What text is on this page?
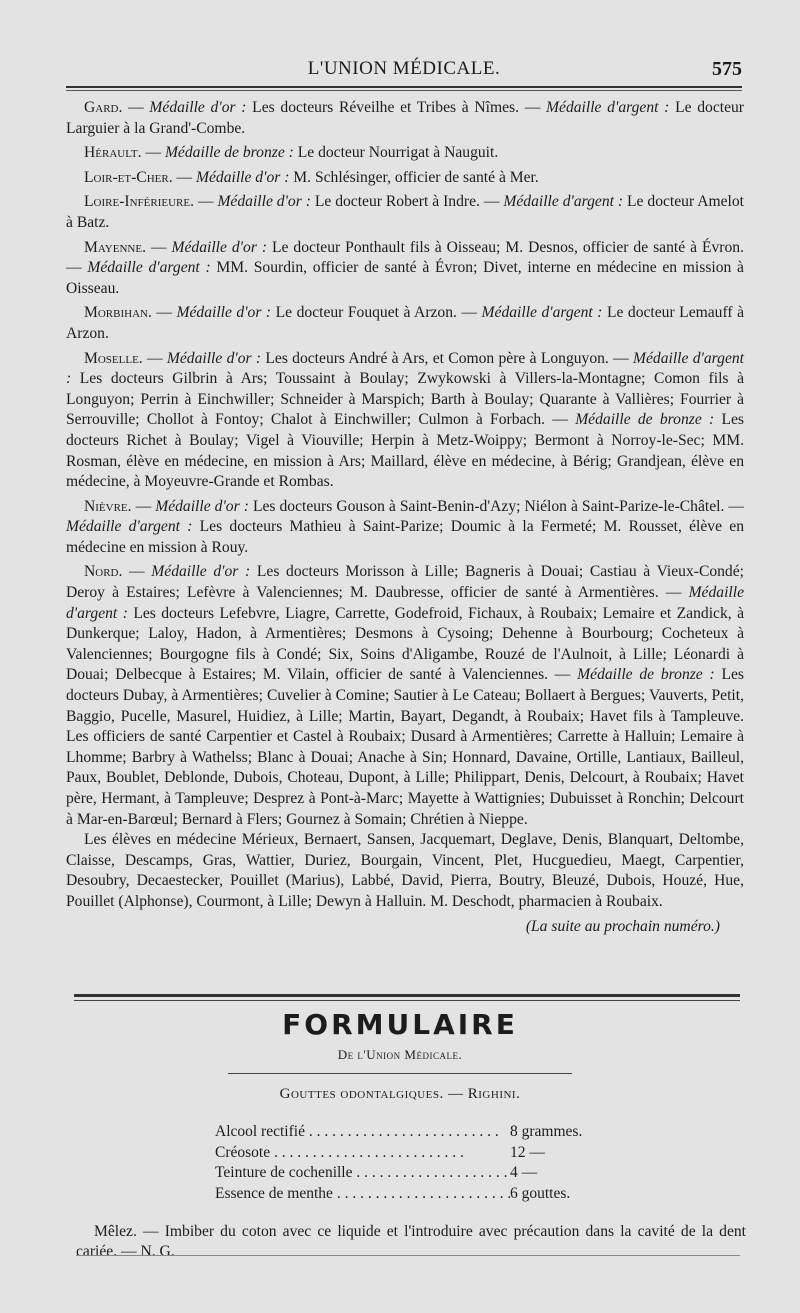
L'UNION MÉDICALE.	575

Gard. — Médaille d'or : Les docteurs Réveilhe et Tribes à Nîmes. — Médaille d'argent : Le docteur Larguier à la Grand'-Combe.

Hérault. — Médaille de bronze : Le docteur Nourrigat à Nauguit.

Loir-et-Cher. — Médaille d'or : M. Schlésinger, officier de santé à Mer.

Loire-Inférieure. — Médaille d'or : Le docteur Robert à Indre. — Médaille d'argent : Le docteur Amelot à Batz.

Mayenne. — Médaille d'or : Le docteur Ponthault fils à Oisseau; M. Desnos, officier de santé à Évron. — Médaille d'argent : MM. Sourdin, officier de santé à Évron; Divet, interne en médecine en mission à Oisseau.

Morbihan. — Médaille d'or : Le docteur Fouquet à Arzon. — Médaille d'argent : Le docteur Lemauff à Arzon.

Moselle. — Médaille d'or : Les docteurs André à Ars, et Comon père à Longuyon. — Médaille d'argent : Les docteurs Gilbrin à Ars; Toussaint à Boulay; Zwykowski à Villers-la-Montagne; Comon fils à Longuyon; Perrin à Einchwiller; Schneider à Marspich; Barth à Boulay; Quarante à Vallières; Fourrier à Serrouville; Chollot à Fontoy; Chalot à Einchwiller; Culmon à Forbach. — Médaille de bronze : Les docteurs Richet à Boulay; Vigel à Viouville; Herpin à Metz-Woippy; Bermont à Norroy-le-Sec; MM. Rosman, élève en médecine, en mission à Ars; Maillard, élève en médecine, à Bérig; Grandjean, élève en médecine, à Moyeuvre-Grande et Rombas.

Nièvre. — Médaille d'or : Les docteurs Gouson à Saint-Benin-d'Azy; Niélon à Saint-Parize-le-Châtel. — Médaille d'argent : Les docteurs Mathieu à Saint-Parize; Doumic à la Fermeté; M. Rousset, élève en médecine en mission à Rouy.

Nord. — Médaille d'or : Les docteurs Morisson à Lille; Bagneris à Douai; Castiau à Vieux-Condé; Deroy à Estaires; Lefèvre à Valenciennes; M. Daubresse, officier de santé à Armentières. — Médaille d'argent : Les docteurs Lefebvre, Liagre, Carrette, Godefroid, Fichaux, à Roubaix; Lemaire et Zandick, à Dunkerque; Laloy, Hadon, à Armentières; Desmons à Cysoing; Dehenne à Bourbourg; Cocheteux à Valenciennes; Bourgogne fils à Condé; Six, Soins d'Aligambe, Rouzé de l'Aulnoit, à Lille; Léonardi à Douai; Delbecque à Estaires; M. Vilain, officier de santé à Valenciennes. — Médaille de bronze : Les docteurs Dubay, à Armentières; Cuvelier à Comine; Sautier à Le Cateau; Bollaert à Bergues; Vauverts, Petit, Baggio, Pucelle, Masurel, Huidiez, à Lille; Martin, Bayart, Degandt, à Roubaix; Havet fils à Tampleuve. Les officiers de santé Carpentier et Castel à Roubaix; Dusard à Armentières; Carrette à Halluin; Lemaire à Lhomme; Barbry à Wathelss; Blanc à Douai; Anache à Sin; Honnard, Davaine, Ortille, Lantiaux, Bailleul, Paux, Boublet, Deblonde, Dubois, Choteau, Dupont, à Lille; Philippart, Denis, Delcourt, à Roubaix; Havet père, Hermant, à Tampleuve; Desprez à Pont-à-Marc; Mayette à Wattignies; Dubuisset à Ronchin; Delcourt à Mar-en-Barœul; Bernard à Flers; Gournez à Somain; Chrétien à Nieppe.

Les élèves en médecine Mérieux, Bernaert, Sansen, Jacquemart, Deglave, Denis, Blanquart, Deltombe, Claisse, Descamps, Gras, Wattier, Duriez, Bourgain, Vincent, Plet, Hucguedieu, Maegt, Carpentier, Desoubry, Decaestecker, Pouillet (Marius), Labbé, David, Pierra, Boutry, Bleuzé, Dubois, Houzé, Hue, Pouillet (Alphonse), Courmont, à Lille; Dewyn à Halluin. M. Deschodt, pharmacien à Roubaix.

(La suite au prochain numéro.)

FORMULAIRE
De l'Union Médicale.
Gouttes odontalgiques. — Righini.
Alcool rectifié . . .	8 grammes.
Créosote . . .	12 —
Teinture de cochenille . . .	4 —
Essence de menthe . . .	6 gouttes.

Mêlez. — Imbiber du coton avec ce liquide et l'introduire avec précaution dans la cavité de la dent cariée. — N. G.
